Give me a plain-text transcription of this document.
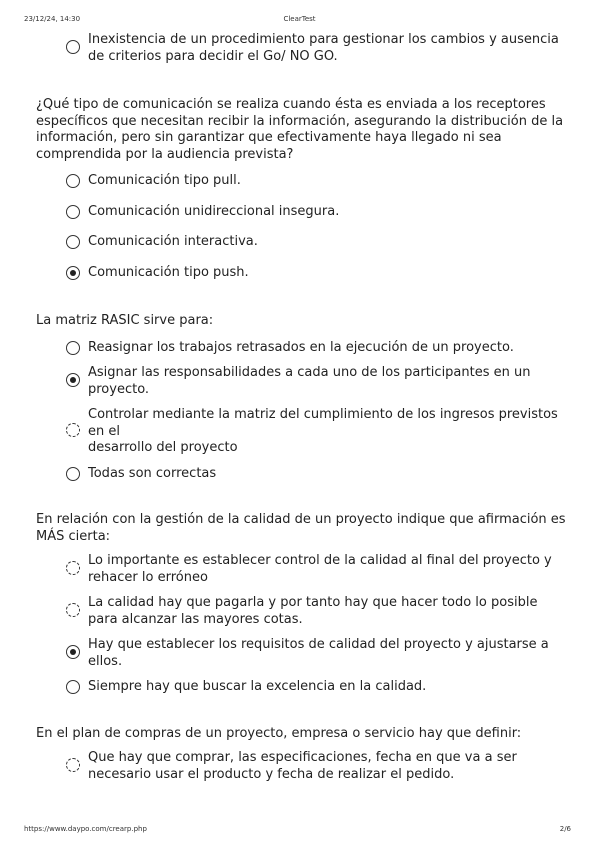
23/12/24, 14:30	ClearTest
Inexistencia de un procedimiento para gestionar los cambios y ausencia
de criterios para decidir el Go/ NO GO.
¿Qué tipo de comunicación se realiza cuando ésta es enviada a los receptores
específicos que necesitan recibir la información, asegurando la distribución de la
información, pero sin garantizar que efectivamente haya llegado ni sea
comprendida por la audiencia prevista?
Comunicación tipo pull.
Comunicación unidireccional insegura.
Comunicación interactiva.
Comunicación tipo push.
La matriz RASIC sirve para:
Reasignar los trabajos retrasados en la ejecución de un proyecto.
Asignar las responsabilidades a cada uno de los participantes en un
proyecto.
Controlar mediante la matriz del cumplimiento de los ingresos previstos
en el
desarrollo del proyecto
Todas son correctas
En relación con la gestión de la calidad de un proyecto indique que afirmación es
MÁS cierta:
Lo importante es establecer control de la calidad al final del proyecto y
rehacer lo erróneo
La calidad hay que pagarla y por tanto hay que hacer todo lo posible
para alcanzar las mayores cotas.
Hay que establecer los requisitos de calidad del proyecto y ajustarse a
ellos.
Siempre hay que buscar la excelencia en la calidad.
En el plan de compras de un proyecto, empresa o servicio hay que definir:
Que hay que comprar, las especificaciones, fecha en que va a ser
necesario usar el producto y fecha de realizar el pedido.
https://www.daypo.com/crearp.php	2/6
